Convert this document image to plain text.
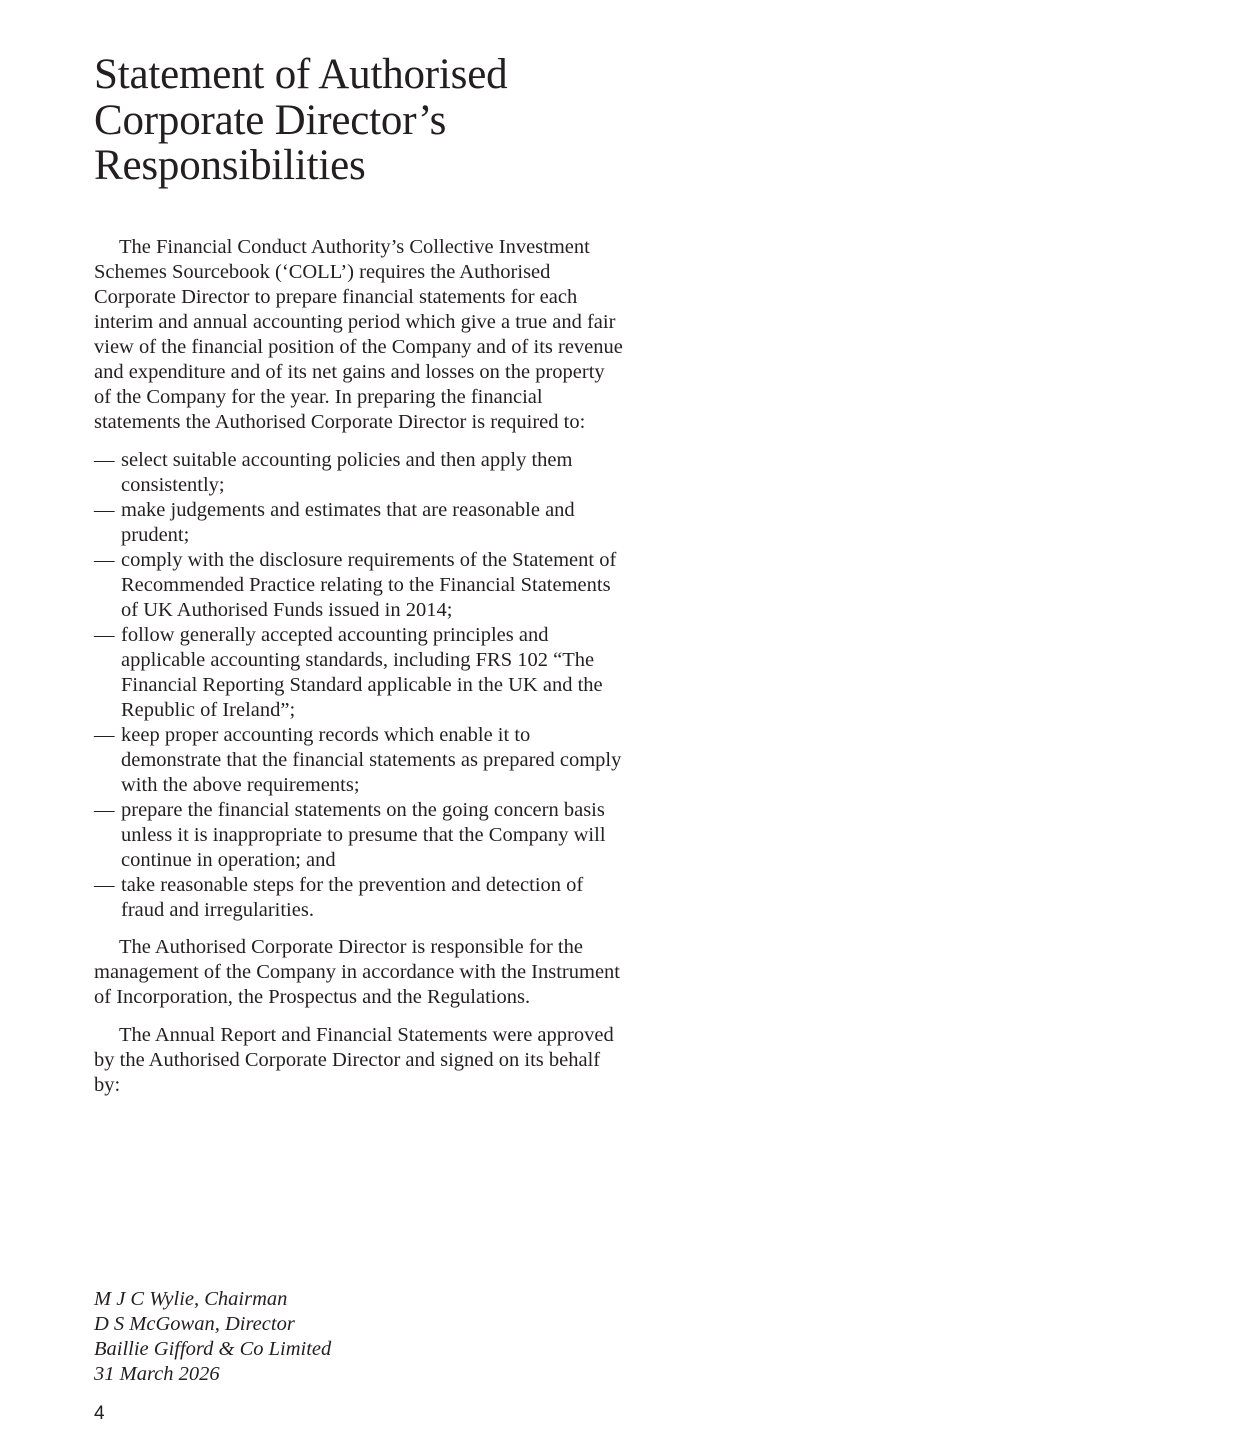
Statement of Authorised
Corporate Director’s
Responsibilities

The Financial Conduct Authority’s Collective Investment Schemes Sourcebook (‘COLL’) requires the Authorised Corporate Director to prepare financial statements for each interim and annual accounting period which give a true and fair view of the financial position of the Company and of its revenue and expenditure and of its net gains and losses on the property of the Company for the year. In preparing the financial statements the Authorised Corporate Director is required to:

— select suitable accounting policies and then apply them consistently;
— make judgements and estimates that are reasonable and prudent;
— comply with the disclosure requirements of the Statement of Recommended Practice relating to the Financial Statements of UK Authorised Funds issued in 2014;
— follow generally accepted accounting principles and applicable accounting standards, including FRS 102 “The Financial Reporting Standard applicable in the UK and the Republic of Ireland”;
— keep proper accounting records which enable it to demonstrate that the financial statements as prepared comply with the above requirements;
— prepare the financial statements on the going concern basis unless it is inappropriate to presume that the Company will continue in operation; and
— take reasonable steps for the prevention and detection of fraud and irregularities.

The Authorised Corporate Director is responsible for the management of the Company in accordance with the Instrument of Incorporation, the Prospectus and the Regulations.

The Annual Report and Financial Statements were approved by the Authorised Corporate Director and signed on its behalf by:

M J C Wylie, Chairman
D S McGowan, Director
Baillie Gifford & Co Limited
31 March 2026
4
